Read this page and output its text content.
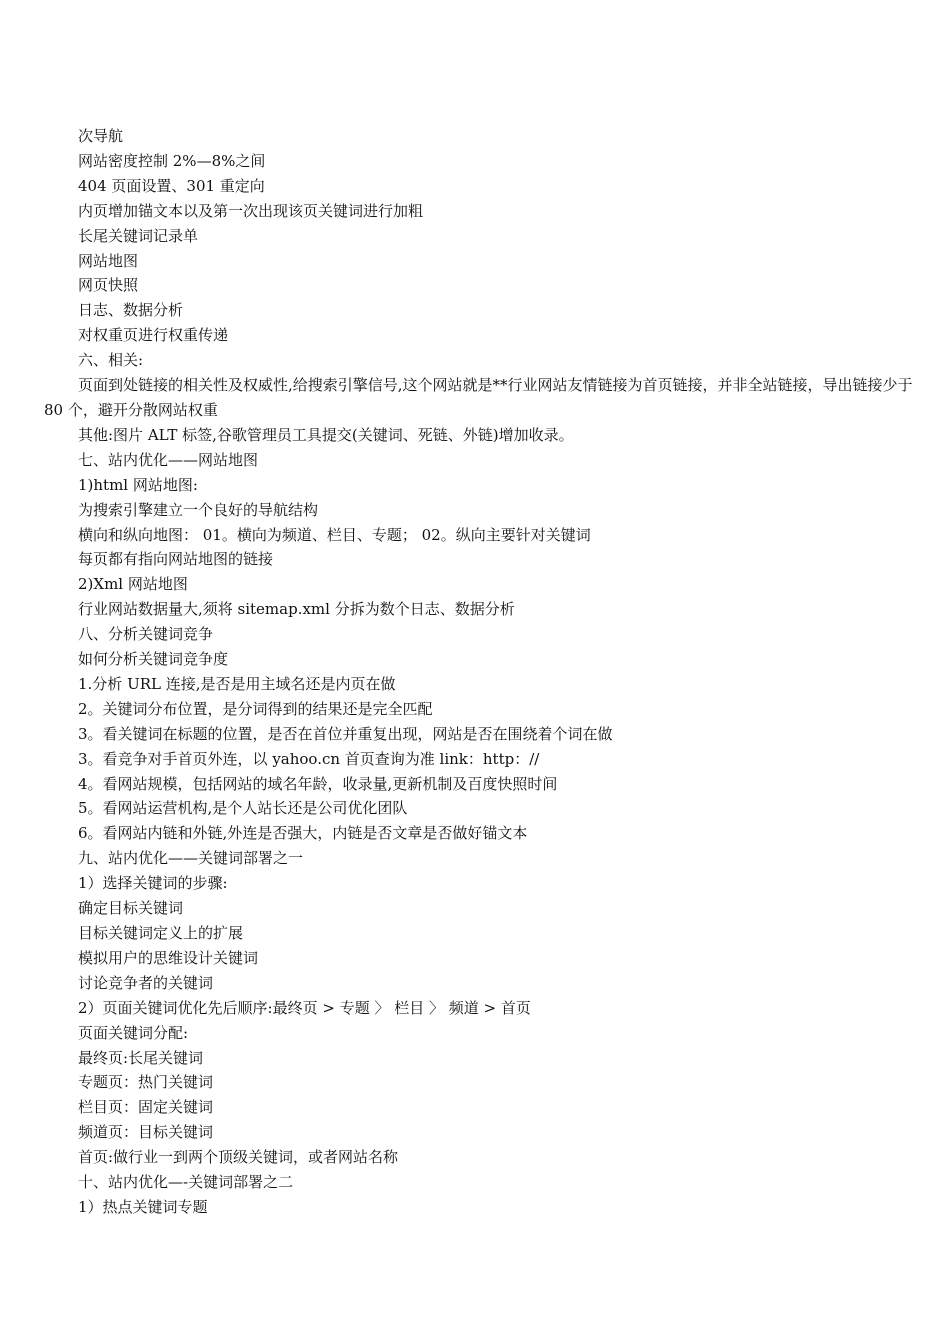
次导航

网站密度控制 2%—8%之间

404 页面设置、301 重定向

内页增加锚文本以及第一次出现该页关键词进行加粗

长尾关键词记录单

网站地图

网页快照

日志、数据分析

对权重页进行权重传递

六、相关:

页面到处链接的相关性及权威性,给搜索引擎信号,这个网站就是**行业网站友情链接为首页链接，并非全站链接，导出链接少于 80 个，避开分散网站权重

其他:图片 ALT 标签,谷歌管理员工具提交(关键词、死链、外链)增加收录。

七、站内优化——网站地图

1)html 网站地图:

为搜索引擎建立一个良好的导航结构

横向和纵向地图： 01。横向为频道、栏目、专题； 02。纵向主要针对关键词

每页都有指向网站地图的链接

2)Xml 网站地图

行业网站数据量大,须将 sitemap.xml 分拆为数个日志、数据分析

八、分析关键词竞争

如何分析关键词竞争度

1.分析 URL 连接,是否是用主域名还是内页在做

2。关键词分布位置，是分词得到的结果还是完全匹配

3。看关键词在标题的位置，是否在首位并重复出现，网站是否在围绕着个词在做

3。看竞争对手首页外连，以 yahoo.cn 首页查询为准 link：http：//

4。看网站规模，包括网站的域名年龄，收录量,更新机制及百度快照时间

5。看网站运营机构,是个人站长还是公司优化团队

6。看网站内链和外链,外连是否强大，内链是否文章是否做好锚文本

九、站内优化——关键词部署之一

1）选择关键词的步骤:

确定目标关键词

目标关键词定义上的扩展

模拟用户的思维设计关键词

讨论竞争者的关键词

2）页面关键词优化先后顺序:最终页 > 专题 〉 栏目 〉 频道 > 首页

页面关键词分配:

最终页:长尾关键词

专题页：热门关键词

栏目页：固定关键词

频道页：目标关键词

首页:做行业一到两个顶级关键词，或者网站名称

十、站内优化—-关键词部署之二

1）热点关键词专题
